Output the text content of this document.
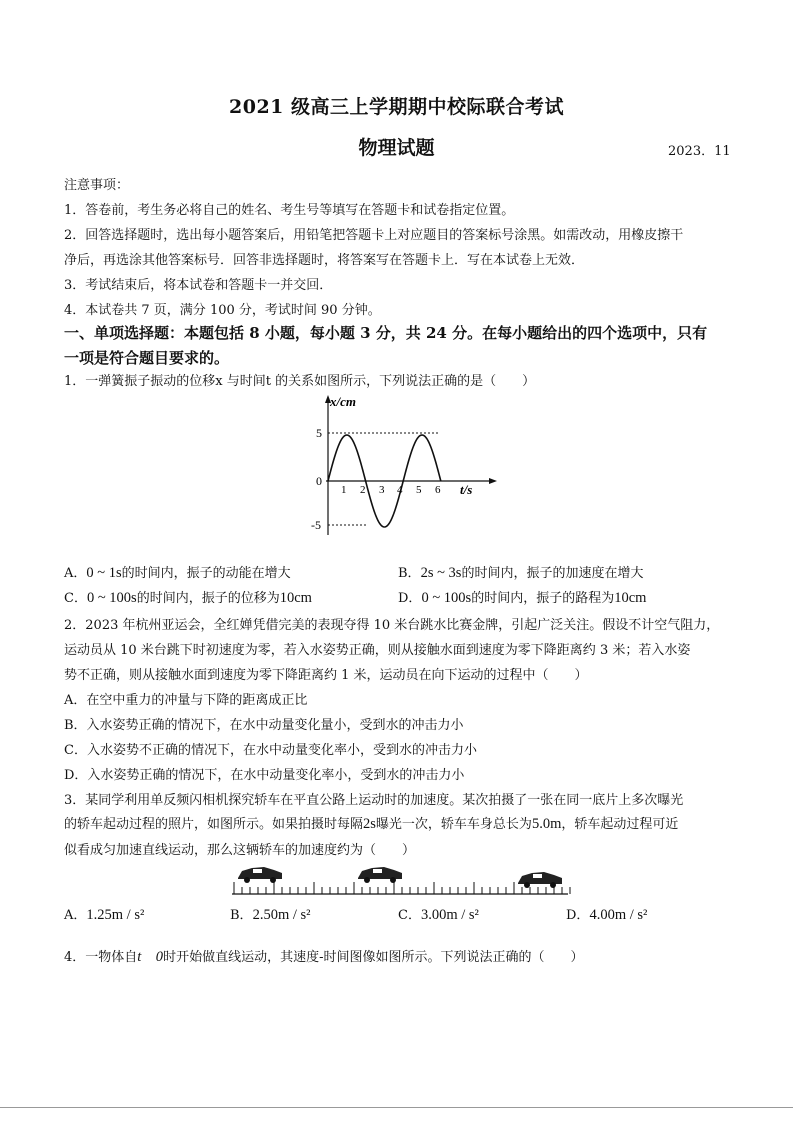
2021 级高三上学期期中校际联合考试
物理试题	2023．11
注意事项：
1．答卷前，考生务必将自己的姓名、考生号等填写在答题卡和试卷指定位置。
2．回答选择题时，选出每小题答案后，用铅笔把答题卡上对应题目的答案标号涂黑。如需改动，用橡皮擦干
净后，再选涂其他答案标号．回答非选择题时，将答案写在答题卡上．写在本试卷上无效．
3．考试结束后，将本试卷和答题卡一并交回．
4．本试卷共 7 页，满分 100 分，考试时间 90 分钟。
一、单项选择题：本题包括 8 小题，每小题 3 分，共 24 分。在每小题给出的四个选项中，只有
一项是符合题目要求的。
1．一弹簧振子振动的位移x 与时间t 的关系如图所示，下列说法正确的是（　　）
x/cm
t/s
0
5
-5
1 2 3 4 5 6
A．0 ~ 1s的时间内，振子的动能在增大	B．2s ~ 3s的时间内，振子的加速度在增大
C．0 ~ 100s的时间内，振子的位移为10cm	D．0 ~ 100s的时间内，振子的路程为10cm
2．2023 年杭州亚运会，全红婵凭借完美的表现夺得 10 米台跳水比赛金牌，引起广泛关注。假设不计空气阻力，
运动员从 10 米台跳下时初速度为零，若入水姿势正确，则从接触水面到速度为零下降距离约 3 米；若入水姿
势不正确，则从接触水面到速度为零下降距离约 1 米，运动员在向下运动的过程中（　　）
A．在空中重力的冲量与下降的距离成正比
B．入水姿势正确的情况下，在水中动量变化量小，受到水的冲击力小
C．入水姿势不正确的情况下，在水中动量变化率小，受到水的冲击力小
D．入水姿势正确的情况下，在水中动量变化率小，受到水的冲击力小
3．某同学利用单反频闪相机探究轿车在平直公路上运动时的加速度。某次拍摄了一张在同一底片上多次曝光
的轿车起动过程的照片，如图所示。如果拍摄时每隔2s曝光一次，轿车车身总长为5.0m，轿车起动过程可近
似看成匀加速直线运动，那么这辆轿车的加速度约为（　　）
A．1.25m / s²	B．2.50m / s²	C．3.00m / s²	D．4.00m / s²
4．一物体自t　0时开始做直线运动，其速度-时间图像如图所示。下列说法正确的（　　）
